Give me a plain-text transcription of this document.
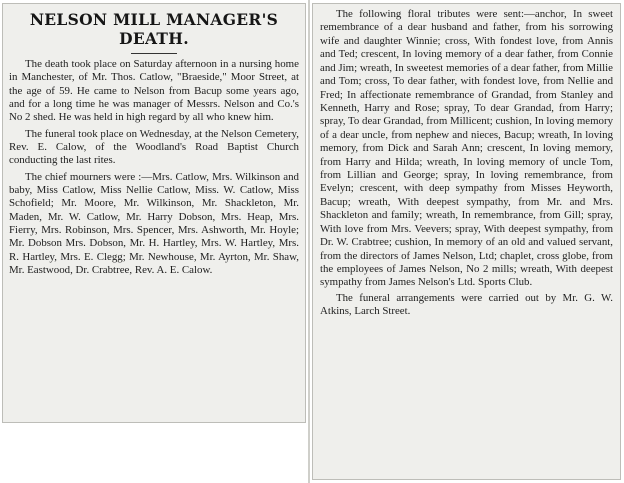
NELSON MILL MANAGER'S DEATH.

The death took place on Saturday afternoon in a nursing home in Manchester, of Mr. Thos. Catlow, "Braeside," Moor Street, at the age of 59. He came to Nelson from Bacup some years ago, and for a long time he was manager of Messrs. Nelson and Co.'s No 2 shed. He was held in high regard by all who knew him.

The funeral took place on Wednesday, at the Nelson Cemetery, Rev. E. Calow, of the Woodland's Road Baptist Church conducting the last rites.

The chief mourners were :—Mrs. Catlow, Mrs. Wilkinson and baby, Miss Catlow, Miss Nellie Catlow, Miss. W. Catlow, Miss Schofield; Mr. Moore, Mr. Wilkinson, Mr. Shackleton, Mr. Maden, Mr. W. Catlow, Mr. Harry Dobson, Mrs. Heap, Mrs. Fierry, Mrs. Robinson, Mrs. Spencer, Mrs. Ashworth, Mr. Hoyle; Mr. Dobson Mrs. Dobson, Mr. H. Hartley, Mrs. W. Hartley, Mrs. R. Hartley, Mrs. E. Clegg; Mr. Newhouse, Mr. Ayrton, Mr. Shaw, Mr. Eastwood, Dr. Crabtree, Rev. A. E. Calow.

The following floral tributes were sent:—anchor, In sweet remembrance of a dear husband and father, from his sorrowing wife and daughter Winnie; cross, With fondest love, from Annis and Ted; crescent, In loving memory of a dear father, from Connie and Jim; wreath, In sweetest memories of a dear father, from Millie and Tom; cross, To dear father, with fondest love, from Nellie and Fred; In affectionate remembrance of Grandad, from Stanley and Kenneth, Harry and Rose; spray, To dear Grandad, from Harry; spray, To dear Grandad, from Millicent; cushion, In loving memory of a dear uncle, from nephew and nieces, Bacup; wreath, In loving memory, from Dick and Sarah Ann; crescent, In loving memory, from Harry and Hilda; wreath, In loving memory of uncle Tom, from Lillian and George; spray, In loving remembrance, from Evelyn; crescent, with deep sympathy from Misses Heyworth, Bacup; wreath, With deepest sympathy, from Mr. and Mrs. Shackleton and family; wreath, In remembrance, from Gill; spray, With love from Mrs. Veevers; spray, With deepest sympathy, from Dr. W. Crabtree; cushion, In memory of an old and valued servant, from the directors of James Nelson, Ltd; chaplet, cross globe, from the employees of James Nelson, No 2 mills; wreath, With deepest sympathy from James Nelson's Ltd. Sports Club.

The funeral arrangements were carried out by Mr. G. W. Atkins, Larch Street.
